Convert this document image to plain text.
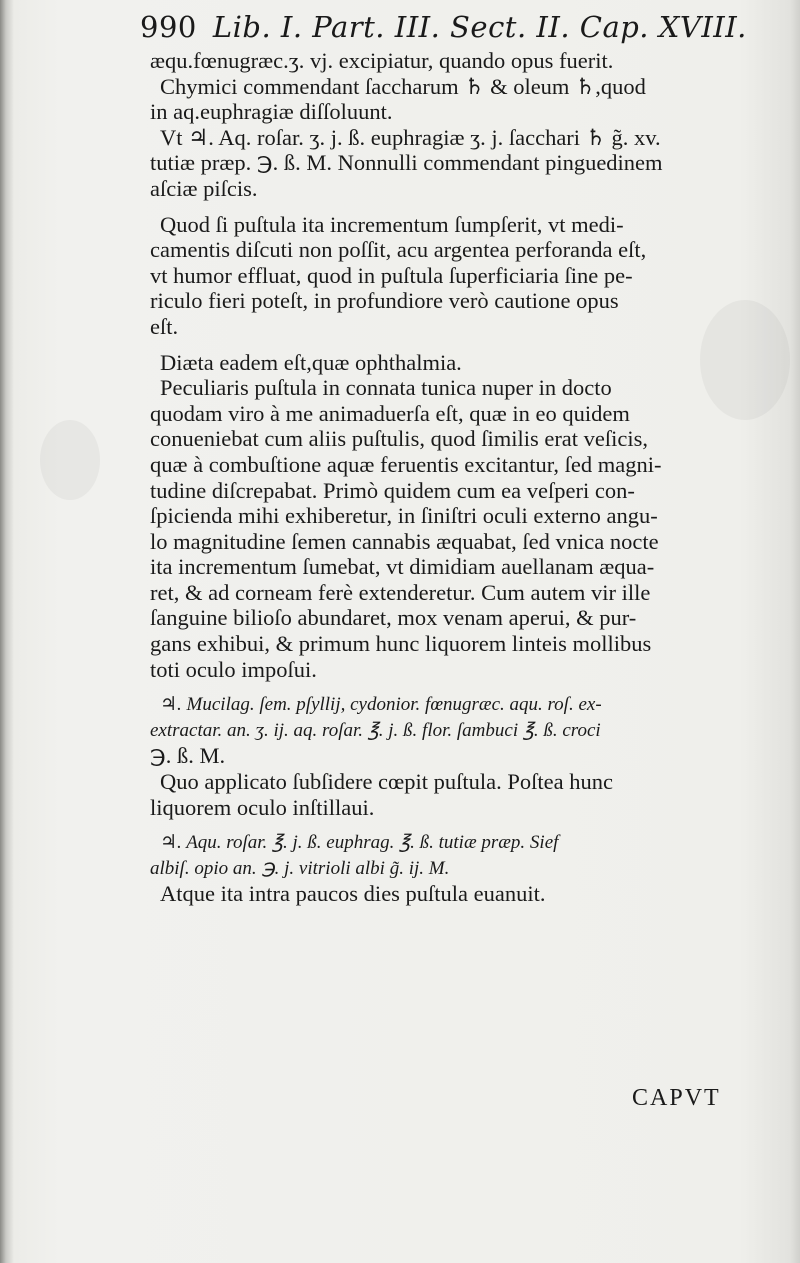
990 Lib. I. Part. III. Sect. II. Cap. XVIII.
æqu.fœnugræc.ʒ. vj. excipiatur, quando opus fuerit.
Chymici commendant ſaccharum ♄ & oleum ♄,quod
in aq.euphragiæ diſſoluunt.
Vt ♃. Aq. roſar. ʒ. j. ß. euphragiæ ʒ. j. ſacchari ♄ g̃. xv.
tutiæ præp. ℈. ß. M. Nonnulli commendant pinguedinem
aſciæ piſcis.
Quod ſi puſtula ita incrementum ſumpſerit, vt medi-
camentis diſcuti non poſſit, acu argentea perforanda eſt,
vt humor effluat, quod in puſtula ſuperficiaria ſine pe-
riculo fieri poteſt, in profundiore verò cautione opus
eſt.
Diæta eadem eſt,quæ ophthalmia.
Peculiaris puſtula in connata tunica nuper in docto
quodam viro à me animaduerſa eſt, quæ in eo quidem
conueniebat cum aliis puſtulis, quod ſimilis erat veſicis,
quæ à combuſtione aquæ feruentis excitantur, ſed magni-
tudine diſcrepabat. Primò quidem cum ea veſperi con-
ſpicienda mihi exhiberetur, in ſiniſtri oculi externo angu-
lo magnitudine ſemen cannabis æquabat, ſed vnica nocte
ita incrementum ſumebat, vt dimidiam auellanam æqua-
ret, & ad corneam ferè extenderetur. Cum autem vir ille
ſanguine bilioſo abundaret, mox venam aperui, & pur-
gans exhibui, & primum hunc liquorem linteis mollibus
toti oculo impoſui.
♃. Mucilag. ſem. pſyllij, cydonior. fœnugræc. aqu. roſ. ex-
extractar. an. ʒ. ij. aq. roſar. ℥. j. ß. flor. ſambuci ℥. ß. croci
℈. ß. M.
Quo applicato ſubſidere cœpit puſtula. Poſtea hunc
liquorem oculo inſtillaui.
♃. Aqu. roſar. ℥. j. ß. euphrag. ℥. ß. tutiæ præp. Sief
albiſ. opio an. ℈. j. vitrioli albi g̃. ij. M.
Atque ita intra paucos dies puſtula euanuit.
CAPVT
